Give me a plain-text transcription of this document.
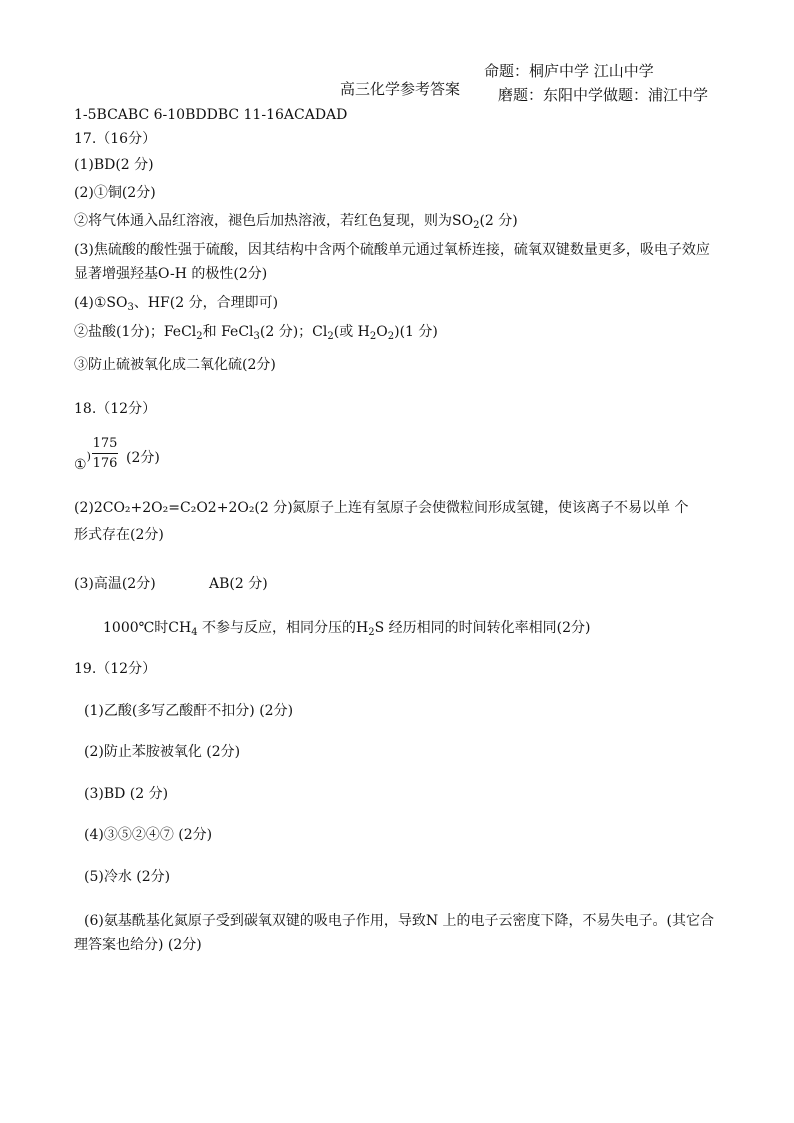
命题：桐庐中学 江山中学
高三化学参考答案	磨题：东阳中学做题：浦江中学
1-5BCABC 6-10BDDBC 11-16ACADAD
17.（16分）
(1)BD(2 分)
(2)①铜(2分)
②将气体通入品红溶液，褪色后加热溶液，若红色复现，则为$SO_2(2$ 分)
(3)焦硫酸的酸性强于硫酸，因其结构中含两个硫酸单元通过氧桥连接，硫氧双键数量更多，吸电子效应
显著增强羟基O-H 的极性(2分)
$(4)①SO_3$、HF(2 分，合理即可)
②盐酸(1分)；FeCl$_2$和 FeCl$_3$(2 分)；$Cl_2$(或 $H_2O_2)(1$ 分)
③防止硫被氧化成二氧化硫(2分)
18.（12分）
①)
175
176 (2分)
(2)2CO₂+2O₂=C₂O2+2O₂(2 分) 氮原子上连有氢原子会使微粒间形成氢键，使该离子不易以单 个
形式存在(2分)
(3)高温(2分)	AB(2 分)
1000℃时$CH_4$ 不参与反应，相同分压的$H_2S$ 经历相同的时间转化率相同(2分)
19.（12分）
(1)乙酸(多写乙酸酐不扣分) (2分)
(2)防止苯胺被氧化 (2分)
(3)BD (2 分)
(4)③⑤②④⑦ (2分)
(5)冷水 (2分)
(6)氨基酰基化氮原子受到碳氧双键的吸电子作用，导致N 上的电子云密度下降，不易失电子。(其它合
理答案也给分) (2分)
